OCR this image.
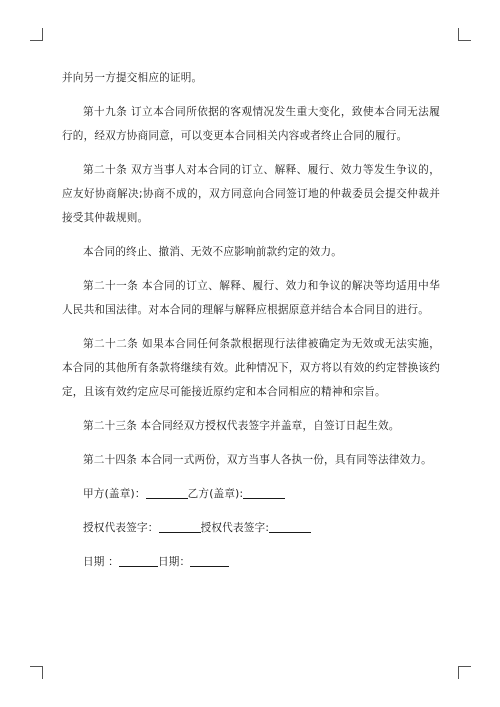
并向另一方提交相应的证明。

第十九条 订立本合同所依据的客观情况发生重大变化，致使本合同无法履行的，经双方协商同意，可以变更本合同相关内容或者终止合同的履行。

第二十条 双方当事人对本合同的订立、解释、履行、效力等发生争议的，应友好协商解决;协商不成的，双方同意向合同签订地的仲裁委员会提交仲裁并接受其仲裁规则。

本合同的终止、撤消、无效不应影响前款约定的效力。

第二十一条 本合同的订立、解释、履行、效力和争议的解决等均适用中华人民共和国法律。对本合同的理解与解释应根据原意并结合本合同目的进行。

第二十二条 如果本合同任何条款根据现行法律被确定为无效或无法实施，本合同的其他所有条款将继续有效。此种情况下，双方将以有效的约定替换该约定，且该有效约定应尽可能接近原约定和本合同相应的精神和宗旨。

第二十三条 本合同经双方授权代表签字并盖章，自签订日起生效。

第二十四条 本合同一式两份，双方当事人各执一份，具有同等法律效力。

甲方(盖章)：	乙方(盖章):
授权代表签字：	授权代表签字:
日期 ：	日期：
